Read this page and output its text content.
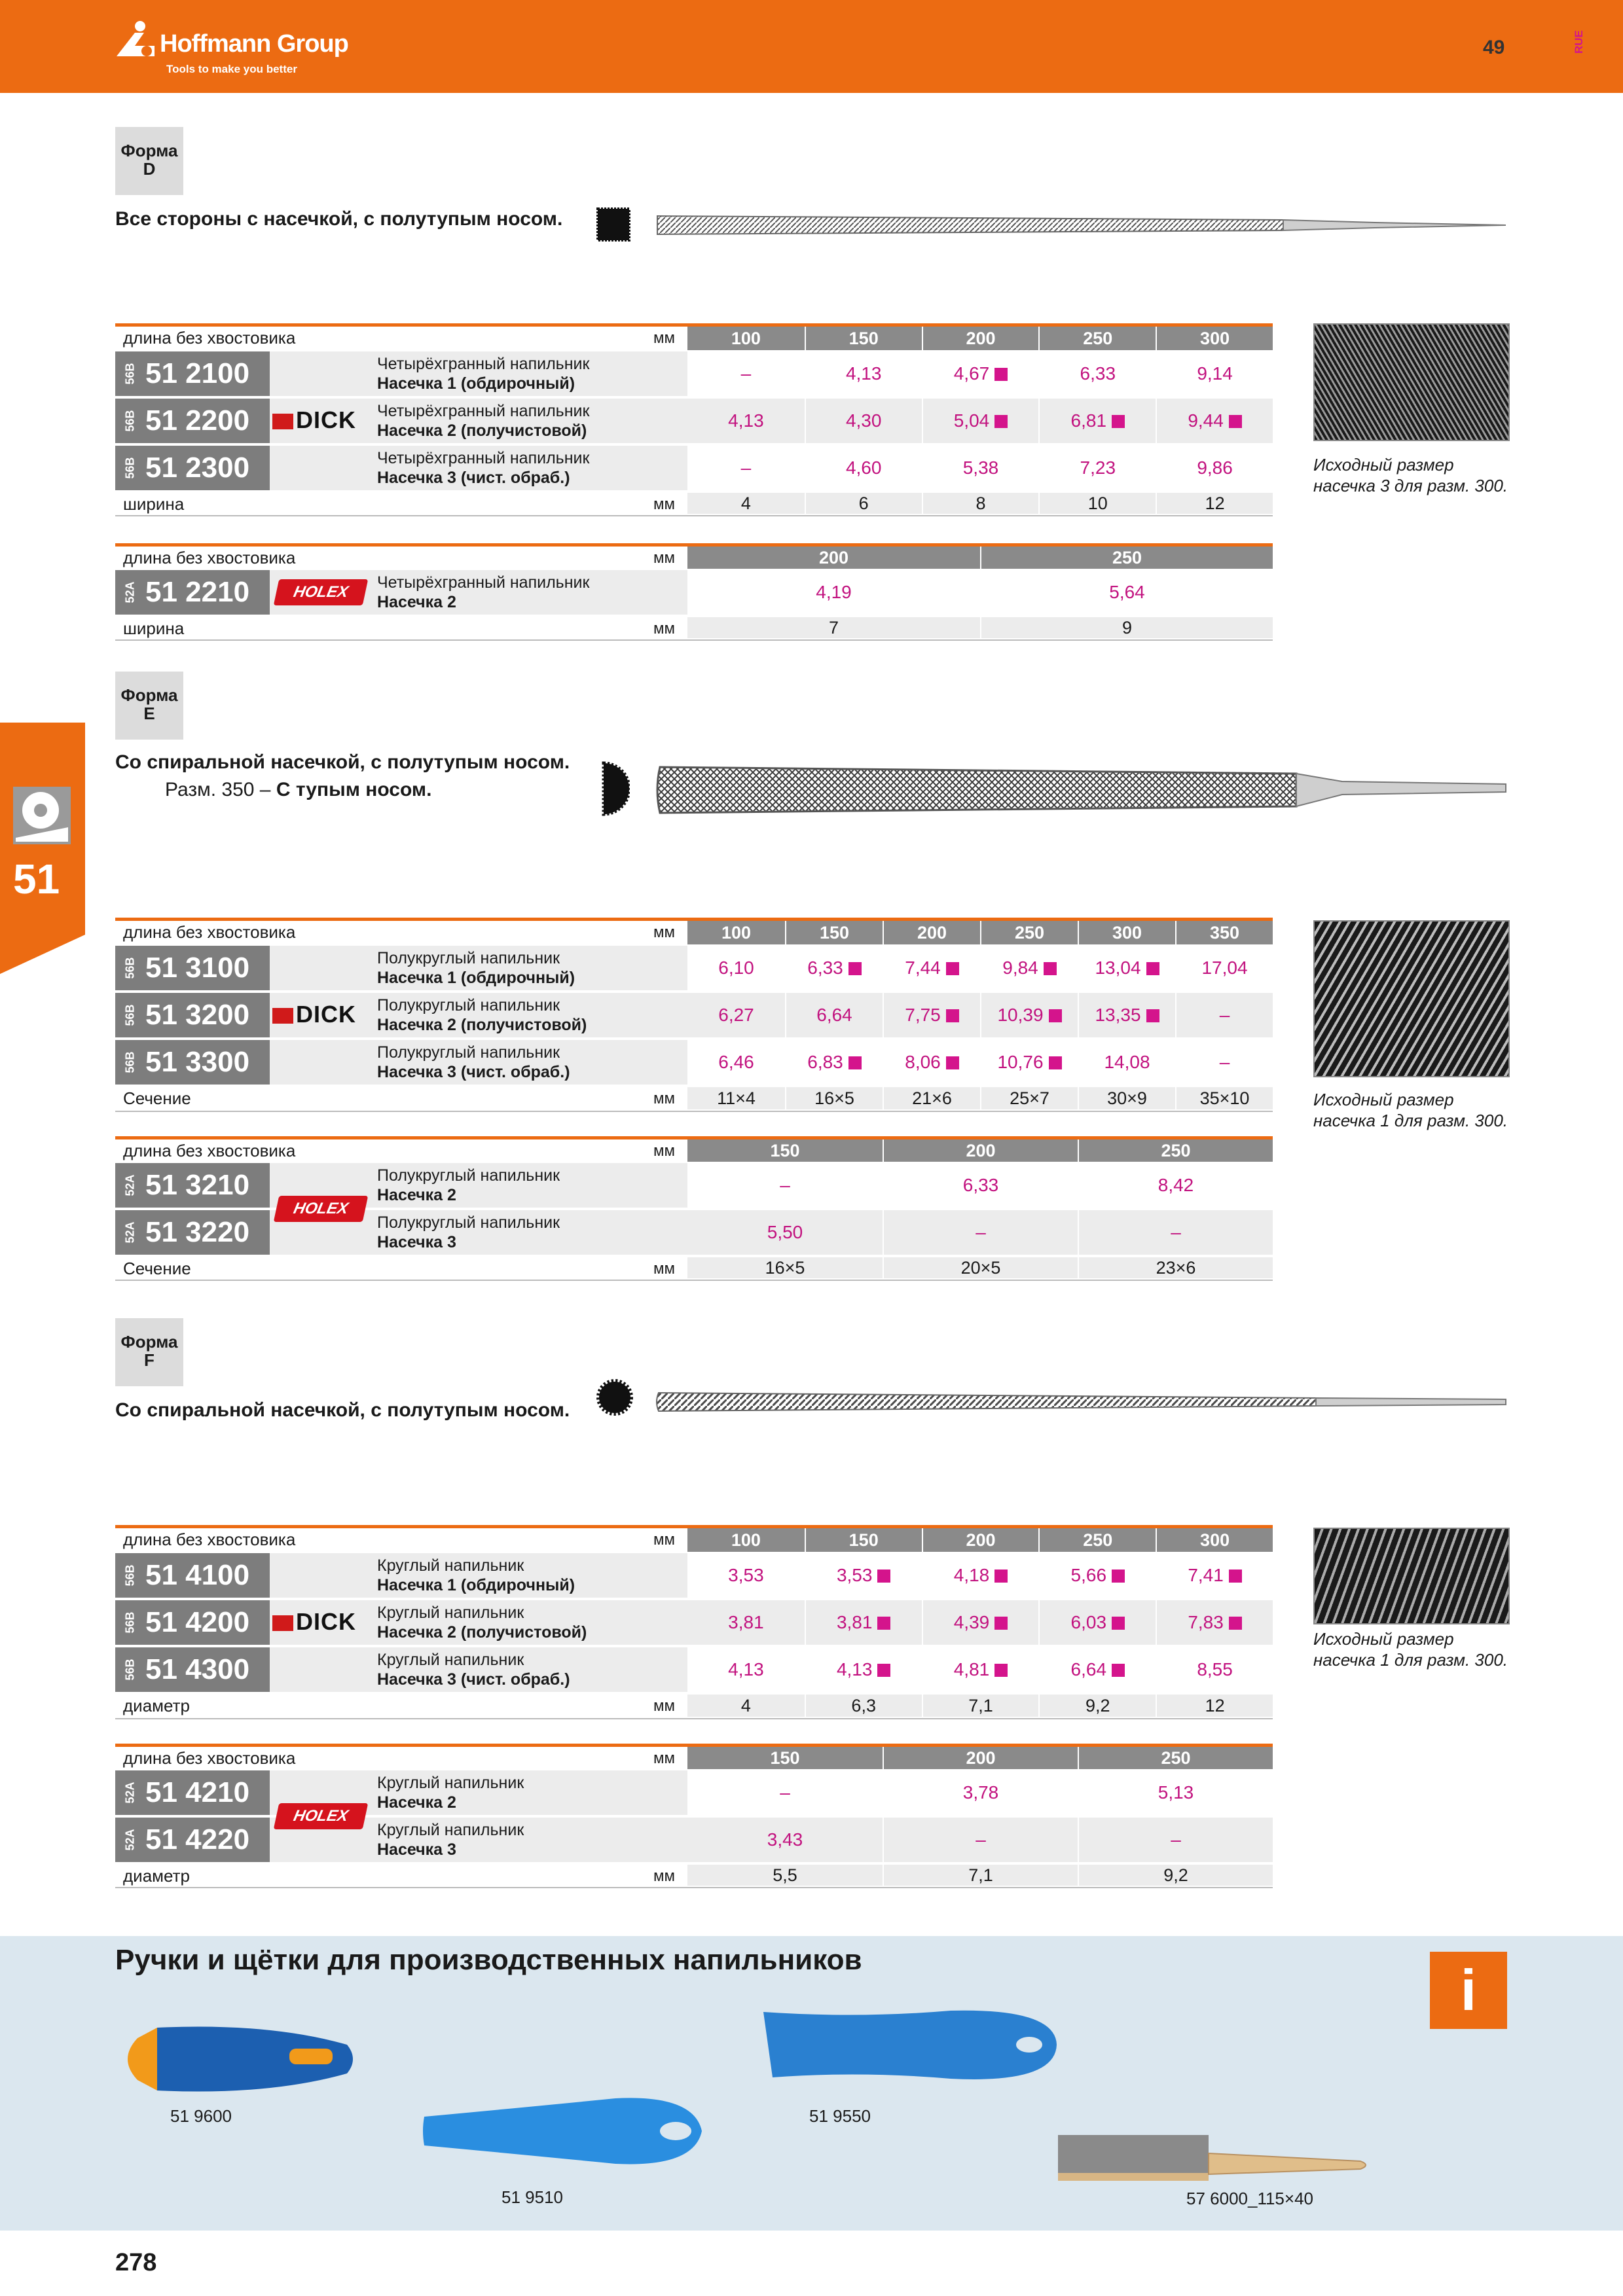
Hoffmann Group
Tools to make you better
49	RUE
51
Форма
D
Все стороны с насечкой, с полутупым носом.
длина без хвостовика	мм	100	150	200	250	300
56B 51 2100	Четырёхгранный напильник
Насечка 1 (обдирочный)	–	4,13	4,67	6,33	9,14
56B 51 2200	Четырёхгранный напильник
Насечка 2 (получистовой)	4,13	4,30	5,04	6,81	9,44
56B 51 2300	Четырёхгранный напильник
Насечка 3 (чист. обраб.)	–	4,60	5,38	7,23	9,86
DICK
ширина	мм	4	6	8	10	12
длина без хвостовика	мм	200	250
52A 51 2210	Четырёхгранный напильник
Насечка 2	4,19	5,64
HOLEX
ширина	мм	7	9
Исходный размер
насечка 3 для разм. 300.
Форма
E
Со спиральной насечкой, с полутупым носом.
Разм. 350 – С тупым носом.
длина без хвостовика	мм	100	150	200	250	300	350
56B 51 3100	Полукруглый напильник
Насечка 1 (обдирочный)	6,10	6,33	7,44	9,84	13,04	17,04
56B 51 3200	Полукруглый напильник
Насечка 2 (получистовой)	6,27	6,64	7,75	10,39	13,35	–
56B 51 3300	Полукруглый напильник
Насечка 3 (чист. обраб.)	6,46	6,83	8,06	10,76	14,08	–
DICK
Сечение	мм	11×4	16×5	21×6	25×7	30×9	35×10
длина без хвостовика	мм	150	200	250
52A 51 3210	Полукруглый напильник
Насечка 2	–	6,33	8,42
52A 51 3220	Полукруглый напильник
Насечка 3	5,50	–	–
HOLEX
Сечение	мм	16×5	20×5	23×6
Исходный размер
насечка 1 для разм. 300.
Форма
F
Со спиральной насечкой, с полутупым носом.
длина без хвостовика	мм	100	150	200	250	300
56B 51 4100	Круглый напильник
Насечка 1 (обдирочный)	3,53	3,53	4,18	5,66	7,41
56B 51 4200	Круглый напильник
Насечка 2 (получистовой)	3,81	3,81	4,39	6,03	7,83
56B 51 4300	Круглый напильник
Насечка 3 (чист. обраб.)	4,13	4,13	4,81	6,64	8,55
DICK
диаметр	мм	4	6,3	7,1	9,2	12
длина без хвостовика	мм	150	200	250
52A 51 4210	Круглый напильник
Насечка 2	–	3,78	5,13
52A 51 4220	Круглый напильник
Насечка 3	3,43	–	–
HOLEX
диаметр	мм	5,5	7,1	9,2
Исходный размер
насечка 1 для разм. 300.
Ручки и щётки для производственных напильников	i
51 9600
51 9510
51 9550
57 6000_115×40
278
